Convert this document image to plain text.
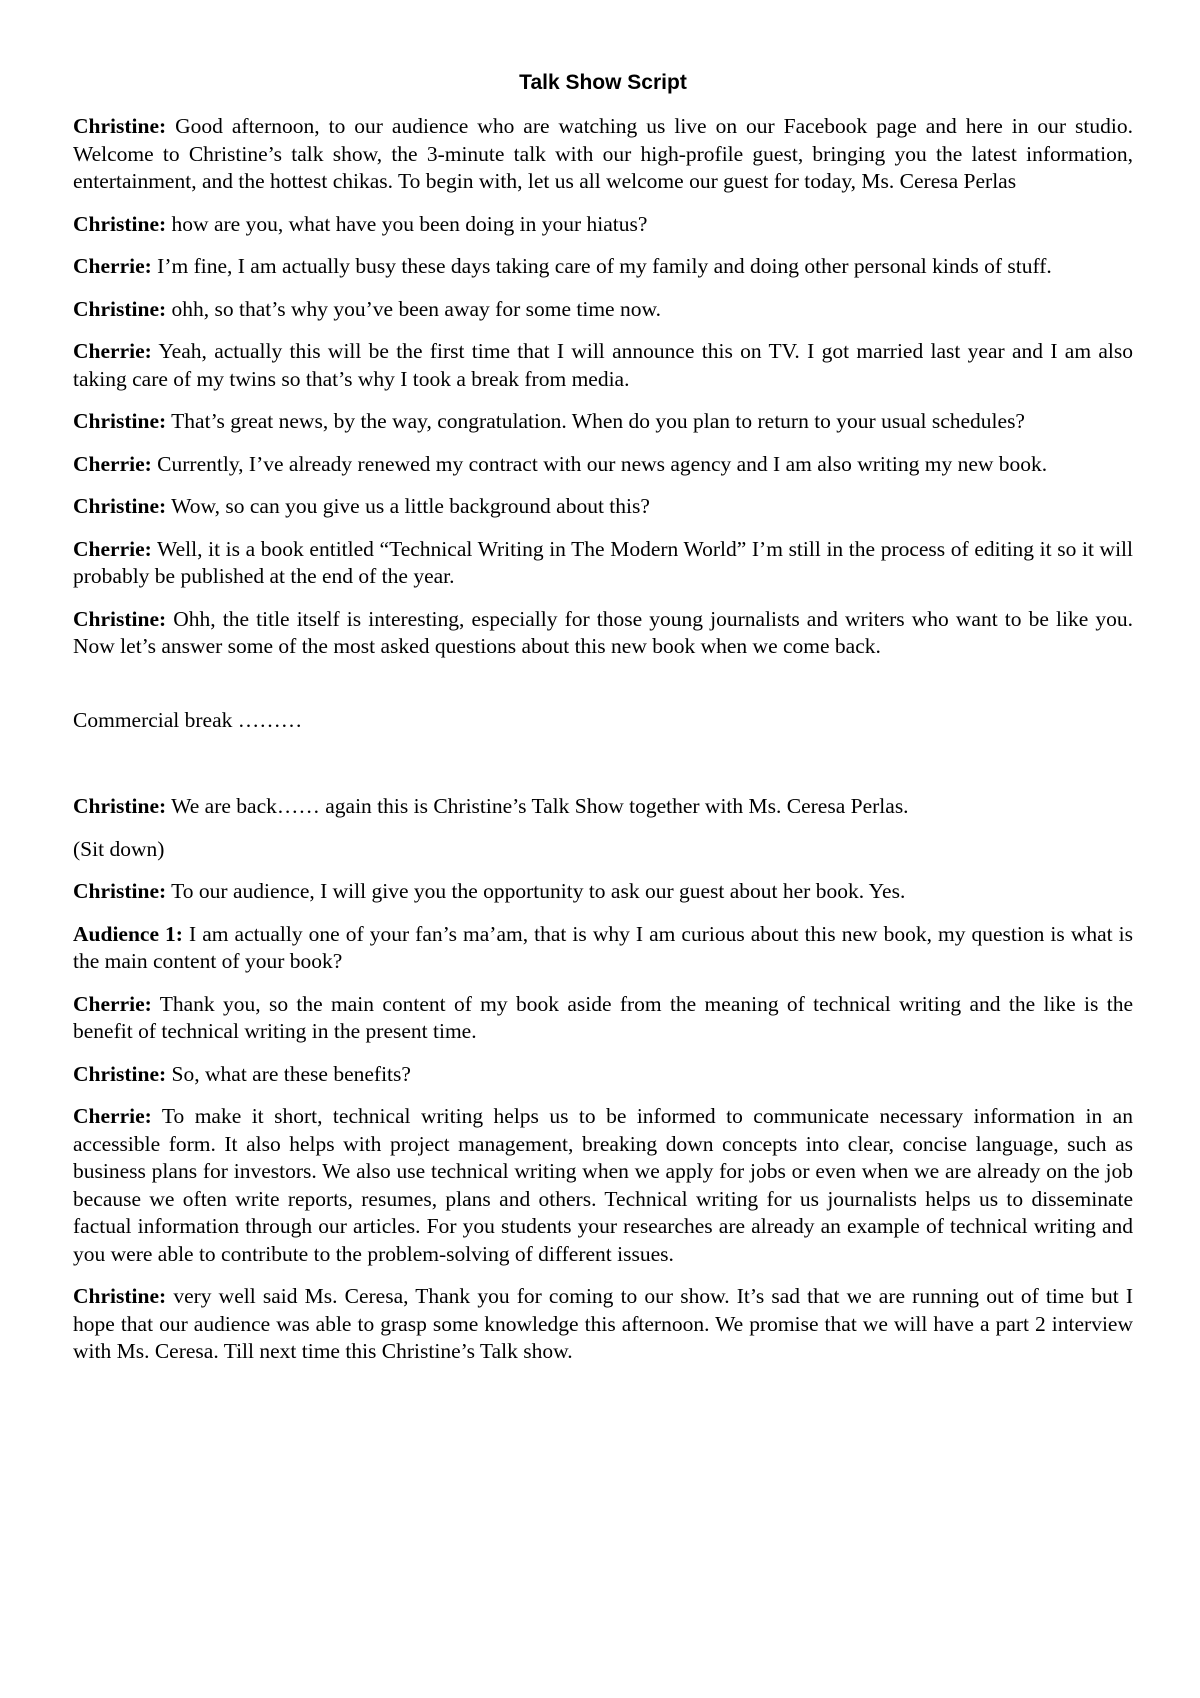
Talk Show Script

Christine: Good afternoon, to our audience who are watching us live on our Facebook page and here in our studio. Welcome to Christine’s talk show, the 3-minute talk with our high-profile guest, bringing you the latest information, entertainment, and the hottest chikas. To begin with, let us all welcome our guest for today, Ms. Ceresa Perlas

Christine: how are you, what have you been doing in your hiatus?

Cherrie: I’m fine, I am actually busy these days taking care of my family and doing other personal kinds of stuff.

Christine: ohh, so that’s why you’ve been away for some time now.

Cherrie: Yeah, actually this will be the first time that I will announce this on TV. I got married last year and I am also taking care of my twins so that’s why I took a break from media.

Christine: That’s great news, by the way, congratulation. When do you plan to return to your usual schedules?

Cherrie: Currently, I’ve already renewed my contract with our news agency and I am also writing my new book.

Christine: Wow, so can you give us a little background about this?

Cherrie: Well, it is a book entitled “Technical Writing in The Modern World” I’m still in the process of editing it so it will probably be published at the end of the year.

Christine: Ohh, the title itself is interesting, especially for those young journalists and writers who want to be like you. Now let’s answer some of the most asked questions about this new book when we come back.

Commercial break ………

Christine: We are back…… again this is Christine’s Talk Show together with Ms. Ceresa Perlas.

(Sit down)

Christine: To our audience, I will give you the opportunity to ask our guest about her book. Yes.

Audience 1: I am actually one of your fan’s ma’am, that is why I am curious about this new book, my question is what is the main content of your book?

Cherrie: Thank you, so the main content of my book aside from the meaning of technical writing and the like is the benefit of technical writing in the present time.

Christine: So, what are these benefits?

Cherrie: To make it short, technical writing helps us to be informed to communicate necessary information in an accessible form. It also helps with project management, breaking down concepts into clear, concise language, such as business plans for investors. We also use technical writing when we apply for jobs or even when we are already on the job because we often write reports, resumes, plans and others. Technical writing for us journalists helps us to disseminate factual information through our articles. For you students your researches are already an example of technical writing and you were able to contribute to the problem-solving of different issues.

Christine: very well said Ms. Ceresa, Thank you for coming to our show. It’s sad that we are running out of time but I hope that our audience was able to grasp some knowledge this afternoon. We promise that we will have a part 2 interview with Ms. Ceresa. Till next time this Christine’s Talk show.
